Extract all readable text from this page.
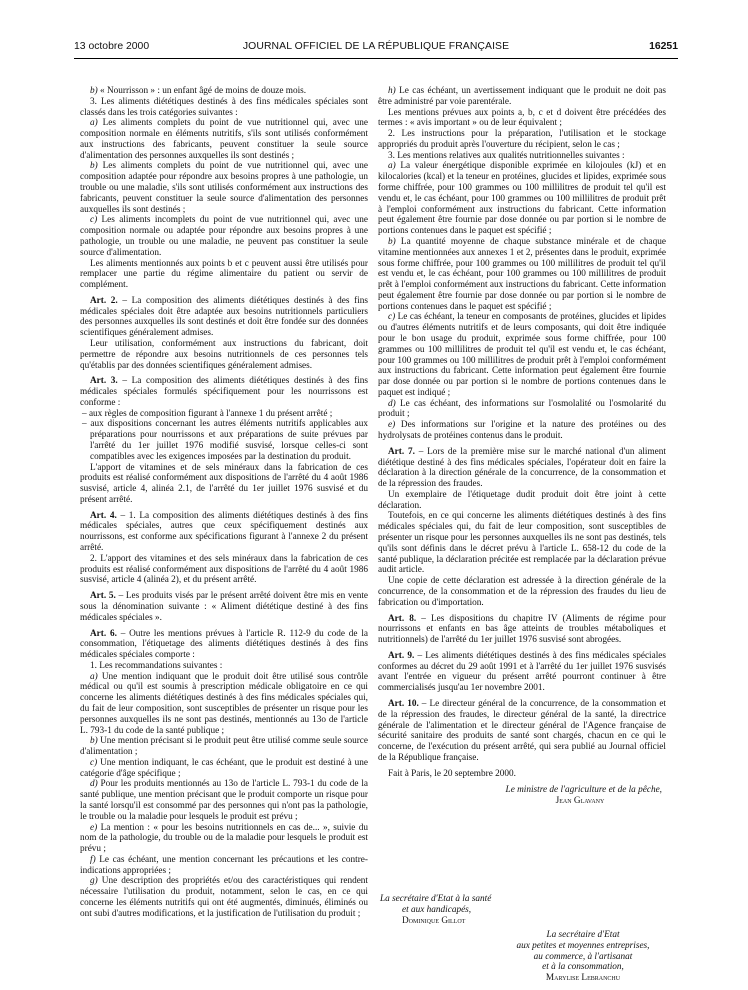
13 octobre 2000	JOURNAL OFFICIEL DE LA RÉPUBLIQUE FRANÇAISE	16251

b) « Nourrisson » : un enfant âgé de moins de douze mois.

3. Les aliments diététiques destinés à des fins médicales spéciales sont classés dans les trois catégories suivantes :

a) Les aliments complets du point de vue nutritionnel qui, avec une composition normale en éléments nutritifs, s'ils sont utilisés conformément aux instructions des fabricants, peuvent constituer la seule source d'alimentation des personnes auxquelles ils sont destinés ;

b) Les aliments complets du point de vue nutritionnel qui, avec une composition adaptée pour répondre aux besoins propres à une pathologie, un trouble ou une maladie, s'ils sont utilisés conformément aux instructions des fabricants, peuvent constituer la seule source d'alimentation des personnes auxquelles ils sont destinés ;

c) Les aliments incomplets du point de vue nutritionnel qui, avec une composition normale ou adaptée pour répondre aux besoins propres à une pathologie, un trouble ou une maladie, ne peuvent pas constituer la seule source d'alimentation.

Les aliments mentionnés aux points b et c peuvent aussi être utilisés pour remplacer une partie du régime alimentaire du patient ou servir de complément.

Art. 2. – La composition des aliments diététiques destinés à des fins médicales spéciales doit être adaptée aux besoins nutritionnels particuliers des personnes auxquelles ils sont destinés et doit être fondée sur des données scientifiques généralement admises.

Leur utilisation, conformément aux instructions du fabricant, doit permettre de répondre aux besoins nutritionnels de ces personnes tels qu'établis par des données scientifiques généralement admises.

Art. 3. – La composition des aliments diététiques destinés à des fins médicales spéciales formulés spécifiquement pour les nourrissons est conforme :

– aux règles de composition figurant à l'annexe 1 du présent arrêté ;

– aux dispositions concernant les autres éléments nutritifs applicables aux préparations pour nourrissons et aux préparations de suite prévues par l'arrêté du 1er juillet 1976 modifié susvisé, lorsque celles-ci sont compatibles avec les exigences imposées par la destination du produit.

L'apport de vitamines et de sels minéraux dans la fabrication de ces produits est réalisé conformément aux dispositions de l'arrêté du 4 août 1986 susvisé, article 4, alinéa 2.1, de l'arrêté du 1er juillet 1976 susvisé et du présent arrêté.

Art. 4. – 1. La composition des aliments diététiques destinés à des fins médicales spéciales, autres que ceux spécifiquement destinés aux nourrissons, est conforme aux spécifications figurant à l'annexe 2 du présent arrêté.

2. L'apport des vitamines et des sels minéraux dans la fabrication de ces produits est réalisé conformément aux dispositions de l'arrêté du 4 août 1986 susvisé, article 4 (alinéa 2), et du présent arrêté.

Art. 5. – Les produits visés par le présent arrêté doivent être mis en vente sous la dénomination suivante : « Aliment diététique destiné à des fins médicales spéciales ».

Art. 6. – Outre les mentions prévues à l'article R. 112-9 du code de la consommation, l'étiquetage des aliments diététiques destinés à des fins médicales spéciales comporte :

1. Les recommandations suivantes :

a) Une mention indiquant que le produit doit être utilisé sous contrôle médical ou qu'il est soumis à prescription médicale obligatoire en ce qui concerne les aliments diététiques destinés à des fins médicales spéciales qui, du fait de leur composition, sont susceptibles de présenter un risque pour les personnes auxquelles ils ne sont pas destinés, mentionnés au 13o de l'article L. 793-1 du code de la santé publique ;

b) Une mention précisant si le produit peut être utilisé comme seule source d'alimentation ;

c) Une mention indiquant, le cas échéant, que le produit est destiné à une catégorie d'âge spécifique ;

d) Pour les produits mentionnés au 13o de l'article L. 793-1 du code de la santé publique, une mention précisant que le produit comporte un risque pour la santé lorsqu'il est consommé par des personnes qui n'ont pas la pathologie, le trouble ou la maladie pour lesquels le produit est prévu ;

e) La mention : « pour les besoins nutritionnels en cas de... », suivie du nom de la pathologie, du trouble ou de la maladie pour lesquels le produit est prévu ;

f) Le cas échéant, une mention concernant les précautions et les contre-indications appropriées ;

g) Une description des propriétés et/ou des caractéristiques qui rendent nécessaire l'utilisation du produit, notamment, selon le cas, en ce qui concerne les éléments nutritifs qui ont été augmentés, diminués, éliminés ou ont subi d'autres modifications, et la justification de l'utilisation du produit ;

h) Le cas échéant, un avertissement indiquant que le produit ne doit pas être administré par voie parentérale.

Les mentions prévues aux points a, b, c et d doivent être précédées des termes : « avis important » ou de leur équivalent ;

2. Les instructions pour la préparation, l'utilisation et le stockage appropriés du produit après l'ouverture du récipient, selon le cas ;

3. Les mentions relatives aux qualités nutritionnelles suivantes :

a) La valeur énergétique disponible exprimée en kilojoules (kJ) et en kilocalories (kcal) et la teneur en protéines, glucides et lipides, exprimée sous forme chiffrée, pour 100 grammes ou 100 millilitres de produit tel qu'il est vendu et, le cas échéant, pour 100 grammes ou 100 millilitres de produit prêt à l'emploi conformément aux instructions du fabricant. Cette information peut également être fournie par dose donnée ou par portion si le nombre de portions contenues dans le paquet est spécifié ;

b) La quantité moyenne de chaque substance minérale et de chaque vitamine mentionnées aux annexes 1 et 2, présentes dans le produit, exprimée sous forme chiffrée, pour 100 grammes ou 100 millilitres de produit tel qu'il est vendu et, le cas échéant, pour 100 grammes ou 100 millilitres de produit prêt à l'emploi conformément aux instructions du fabricant. Cette information peut également être fournie par dose donnée ou par portion si le nombre de portions contenues dans le paquet est spécifié ;

c) Le cas échéant, la teneur en composants de protéines, glucides et lipides ou d'autres éléments nutritifs et de leurs composants, qui doit être indiquée pour le bon usage du produit, exprimée sous forme chiffrée, pour 100 grammes ou 100 millilitres de produit tel qu'il est vendu et, le cas échéant, pour 100 grammes ou 100 millilitres de produit prêt à l'emploi conformément aux instructions du fabricant. Cette information peut également être fournie par dose donnée ou par portion si le nombre de portions contenues dans le paquet est indiqué ;

d) Le cas échéant, des informations sur l'osmolalité ou l'osmolarité du produit ;

e) Des informations sur l'origine et la nature des protéines ou des hydrolysats de protéines contenus dans le produit.

Art. 7. – Lors de la première mise sur le marché national d'un aliment diététique destiné à des fins médicales spéciales, l'opérateur doit en faire la déclaration à la direction générale de la concurrence, de la consommation et de la répression des fraudes.

Un exemplaire de l'étiquetage dudit produit doit être joint à cette déclaration.

Toutefois, en ce qui concerne les aliments diététiques destinés à des fins médicales spéciales qui, du fait de leur composition, sont susceptibles de présenter un risque pour les personnes auxquelles ils ne sont pas destinés, tels qu'ils sont définis dans le décret prévu à l'article L. 658-12 du code de la santé publique, la déclaration précitée est remplacée par la déclaration prévue audit article.

Une copie de cette déclaration est adressée à la direction générale de la concurrence, de la consommation et de la répression des fraudes du lieu de fabrication ou d'importation.

Art. 8. – Les dispositions du chapitre IV (Aliments de régime pour nourrissons et enfants en bas âge atteints de troubles métaboliques et nutritionnels) de l'arrêté du 1er juillet 1976 susvisé sont abrogées.

Art. 9. – Les aliments diététiques destinés à des fins médicales spéciales conformes au décret du 29 août 1991 et à l'arrêté du 1er juillet 1976 susvisés avant l'entrée en vigueur du présent arrêté pourront continuer à être commercialisés jusqu'au 1er novembre 2001.

Art. 10. – Le directeur général de la concurrence, de la consommation et de la répression des fraudes, le directeur général de la santé, la directrice générale de l'alimentation et le directeur général de l'Agence française de sécurité sanitaire des produits de santé sont chargés, chacun en ce qui le concerne, de l'exécution du présent arrêté, qui sera publié au Journal officiel de la République française.

Fait à Paris, le 20 septembre 2000.

Le ministre de l'agriculture et de la pêche,
Jean Glavany
La secrétaire d'Etat à la santé
et aux handicapés,
Dominique Gillot
La secrétaire d'Etat
aux petites et moyennes entreprises,
au commerce, à l'artisanat
et à la consommation,
Marylise Lebranchu
